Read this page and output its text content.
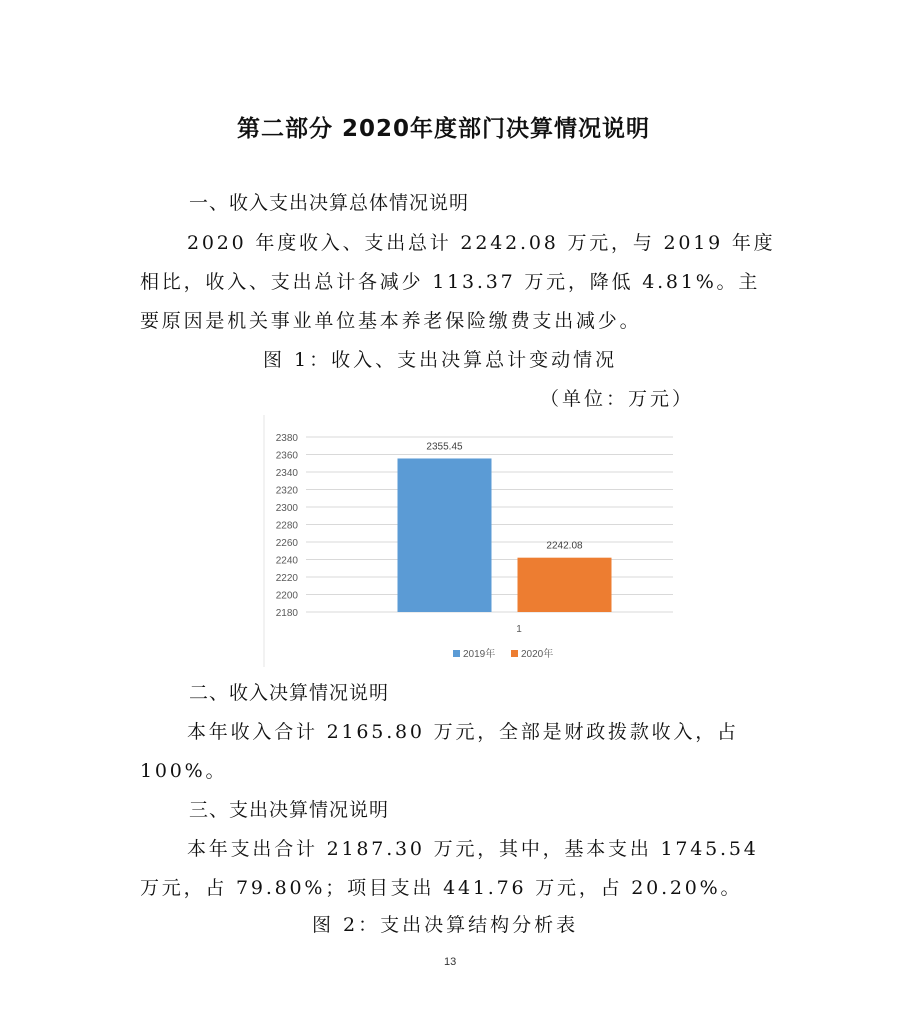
第二部分 2020年度部门决算情况说明
一、收入支出决算总体情况说明
2020 年度收入、支出总计 2242.08 万元，与 2019 年度
相比，收入、支出总计各减少 113.37 万元，降低 4.81%。主
要原因是机关事业单位基本养老保险缴费支出减少。
图 1：收入、支出决算总计变动情况
（单位：万元）
2180
2200
2220
2240
2260
2280
2300
2320
2340
2360
2380
2355.45
2242.08
1
2019年	2020年
二、收入决算情况说明
本年收入合计 2165.80 万元，全部是财政拨款收入，占
100%。
三、支出决算情况说明
本年支出合计 2187.30 万元，其中，基本支出 1745.54
万元，占 79.80%；项目支出 441.76 万元，占 20.20%。
图 2：支出决算结构分析表
13
